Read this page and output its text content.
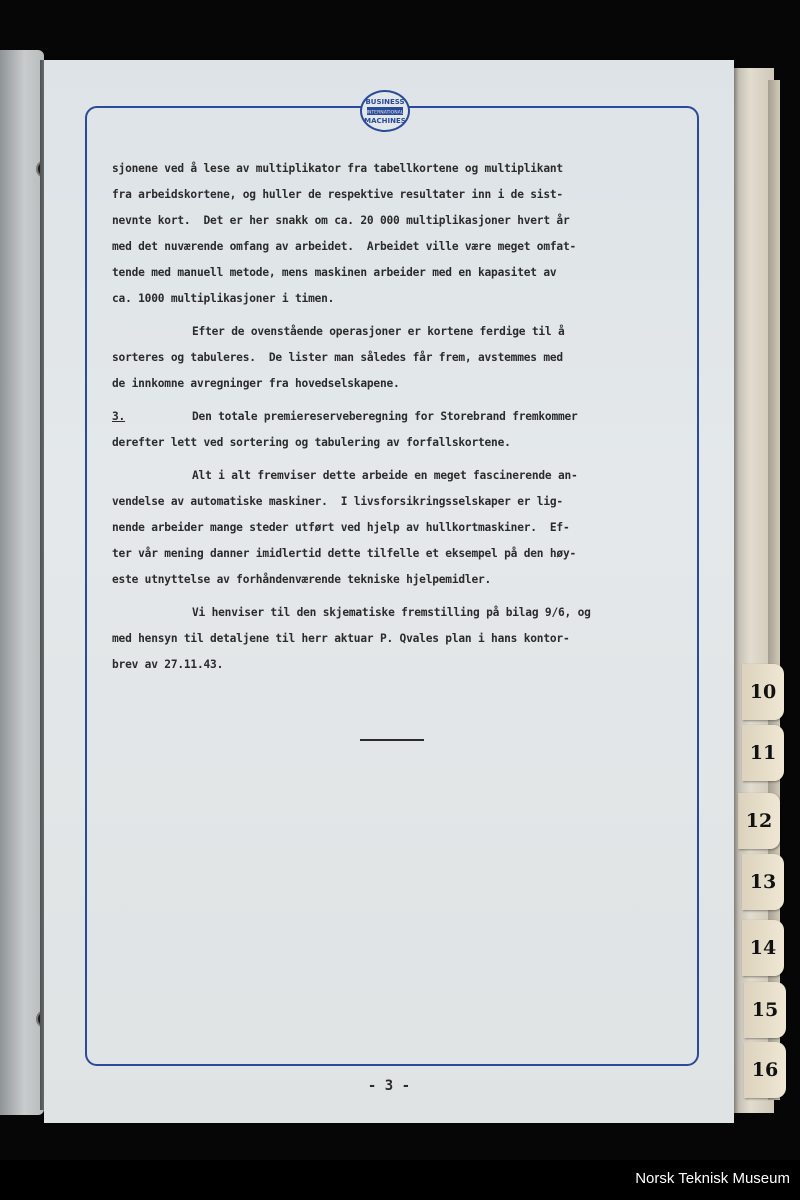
10
11
12
13
14
15
16
BUSINESS
INTERNATIONAL
MACHINES
sjonene ved å lese av multiplikator fra tabellkortene og multiplikant
fra arbeidskortene, og huller de respektive resultater inn i de sist-
nevnte kort.  Det er her snakk om ca. 20 000 multiplikasjoner hvert år
med det nuværende omfang av arbeidet.  Arbeidet ville være meget omfat-
tende med manuell metode, mens maskinen arbeider med en kapasitet av
ca. 1000 multiplikasjoner i timen.
Efter de ovenstående operasjoner er kortene ferdige til å
sorteres og tabuleres.  De lister man således får frem, avstemmes med
de innkomne avregninger fra hovedselskapene.
3.	Den totale premiereserveberegning for Storebrand fremkommer
derefter lett ved sortering og tabulering av forfallskortene.
Alt i alt fremviser dette arbeide en meget fascinerende an-
vendelse av automatiske maskiner.  I livsforsikringsselskaper er lig-
nende arbeider mange steder utført ved hjelp av hullkortmaskiner.  Ef-
ter vår mening danner imidlertid dette tilfelle et eksempel på den høy-
este utnyttelse av forhåndenværende tekniske hjelpemidler.
Vi henviser til den skjematiske fremstilling på bilag 9/6, og
med hensyn til detaljene til herr aktuar P. Qvales plan i hans kontor-
brev av 27.11.43.
- 3 -
Norsk Teknisk Museum
